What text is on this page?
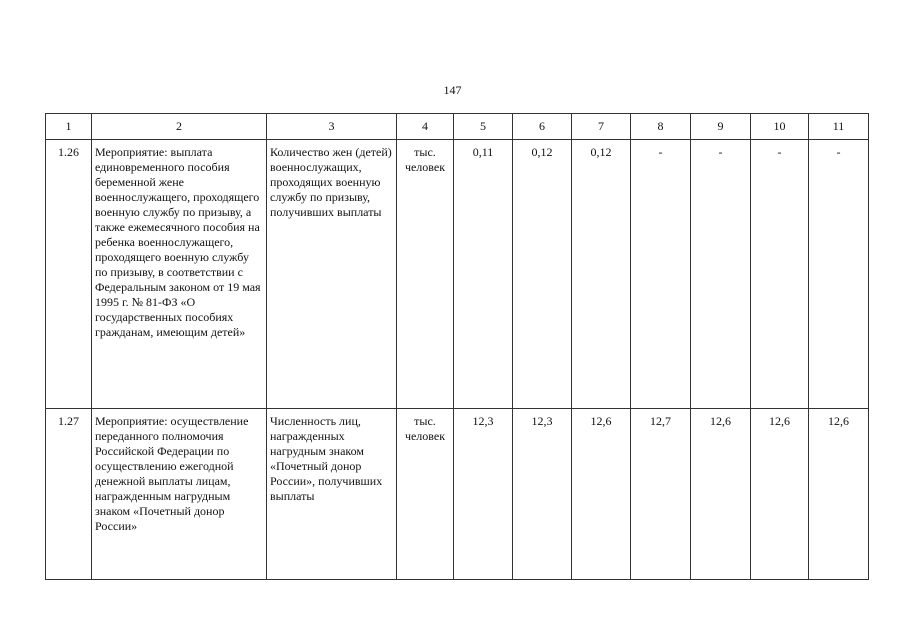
147
1	2	3	4	5	6	7	8	9	10	11

1.26	Мероприятие: выплата единовременного пособия беременной жене военнослужащего, проходящего военную службу по призыву, а также ежемесячного пособия на ребенка военнослужащего, проходящего военную службу по призыву, в соответствии с Федеральным законом от 19 мая 1995 г. № 81-ФЗ «О государственных пособиях гражданам, имеющим детей»	Количество жен (детей) военнослужащих, проходящих военную службу по призыву, получивших выплаты	тыс. человек	0,11	0,12	0,12	-	-	-	-

1.27	Мероприятие: осуществление переданного полномочия Российской Федерации по осуществлению ежегодной денежной выплаты лицам, награжденным нагрудным знаком «Почетный донор России»	Численность лиц, награжденных нагрудным знаком «Почетный донор России», получивших выплаты	тыс. человек	12,3	12,3	12,6	12,7	12,6	12,6	12,6
